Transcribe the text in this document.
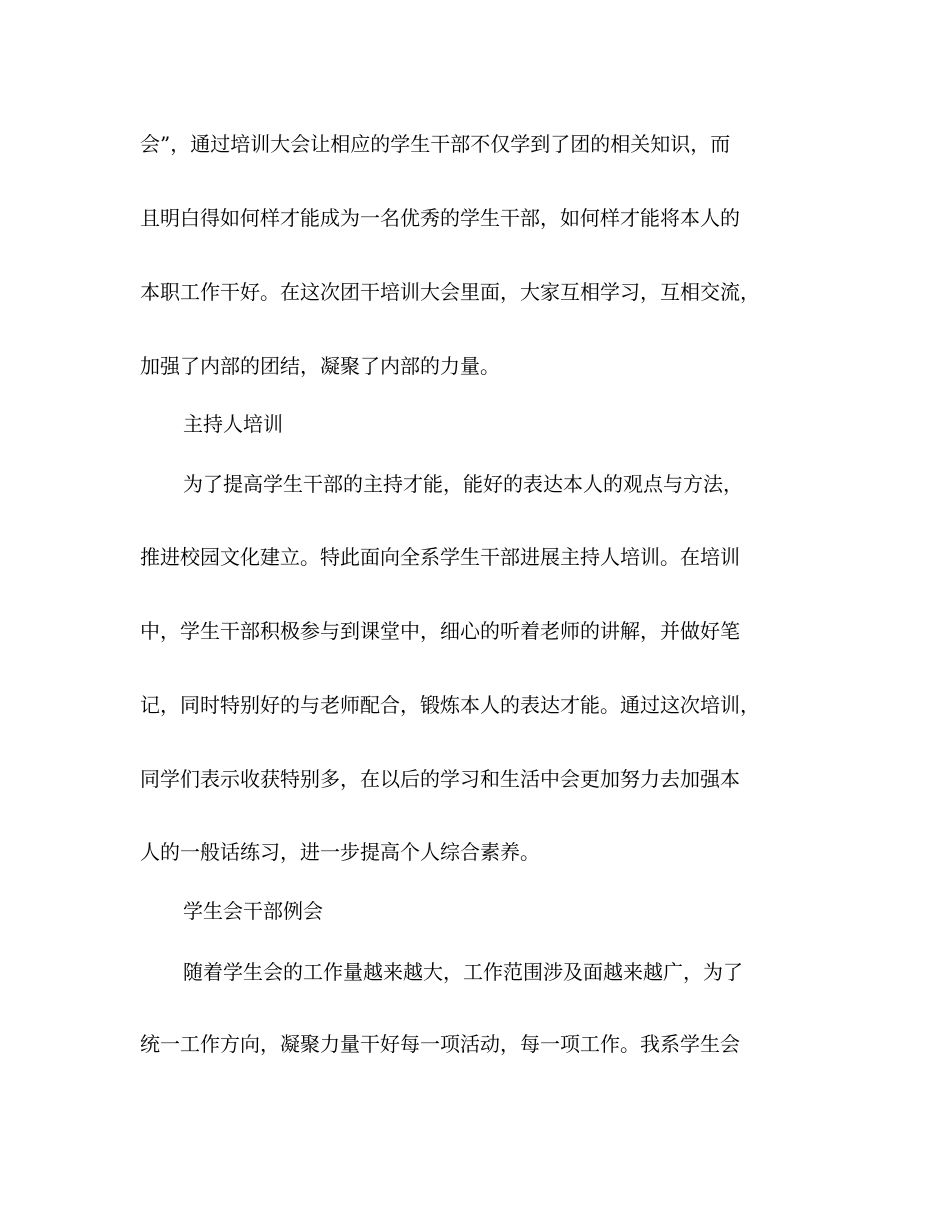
会”，通过培训大会让相应的学生干部不仅学到了团的相关知识，而

且明白得如何样才能成为一名优秀的学生干部，如何样才能将本人的

本职工作干好。在这次团干培训大会里面，大家互相学习，互相交流，

加强了内部的团结，凝聚了内部的力量。

主持人培训

为了提高学生干部的主持才能，能好的表达本人的观点与方法，

推进校园文化建立。特此面向全系学生干部进展主持人培训。在培训

中，学生干部积极参与到课堂中，细心的听着老师的讲解，并做好笔

记，同时特别好的与老师配合，锻炼本人的表达才能。通过这次培训，

同学们表示收获特别多，在以后的学习和生活中会更加努力去加强本

人的一般话练习，进一步提高个人综合素养。

学生会干部例会

随着学生会的工作量越来越大，工作范围涉及面越来越广，为了

统一工作方向，凝聚力量干好每一项活动，每一项工作。我系学生会
